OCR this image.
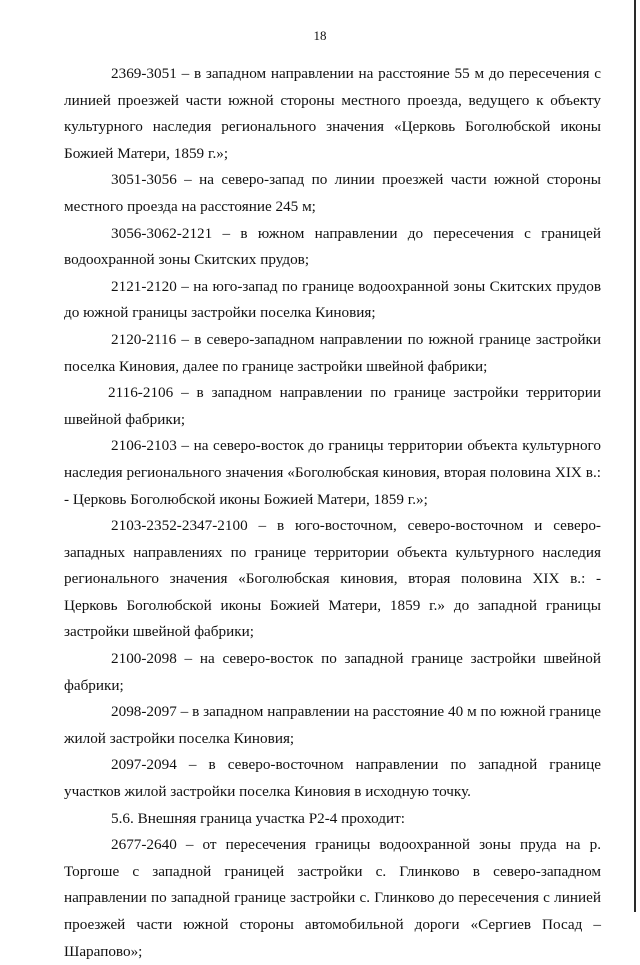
18

2369-3051 – в западном направлении на расстояние 55 м до пересечения с линией проезжей части южной стороны местного проезда, ведущего к объекту культурного наследия регионального значения «Церковь Боголюбской иконы Божией Матери, 1859 г.»;

3051-3056 – на северо-запад по линии проезжей части южной стороны местного проезда на расстояние 245 м;

3056-3062-2121 – в южном направлении до пересечения с границей водоохранной зоны Скитских прудов;

2121-2120 – на юго-запад по границе водоохранной зоны Скитских прудов до южной границы застройки поселка Киновия;

2120-2116 – в северо-западном направлении по южной границе застройки поселка Киновия, далее по границе застройки швейной фабрики;

2116-2106 – в западном направлении по границе застройки территории швейной фабрики;

2106-2103 – на северо-восток до границы территории объекта культурного наследия регионального значения «Боголюбская киновия, вторая половина XIX в.: - Церковь Боголюбской иконы Божией Матери, 1859 г.»;

2103-2352-2347-2100 – в юго-восточном, северо-восточном и северо-западных направлениях по границе территории объекта культурного наследия регионального значения «Боголюбская киновия, вторая половина XIX в.: - Церковь Боголюбской иконы Божией Матери, 1859 г.» до западной границы застройки швейной фабрики;

2100-2098 – на северо-восток по западной границе застройки швейной фабрики;

2098-2097 – в западном направлении на расстояние 40 м по южной границе жилой застройки поселка Киновия;

2097-2094 – в северо-восточном направлении по западной границе участков жилой застройки поселка Киновия в исходную точку.

5.6. Внешняя граница участка Р2-4 проходит:

2677-2640 – от пересечения границы водоохранной зоны пруда на р. Торгоше с западной границей застройки с. Глинково в северо-западном направлении по западной границе застройки с. Глинково до пересечения с линией проезжей части южной стороны автомобильной дороги «Сергиев Посад – Шарапово»;
